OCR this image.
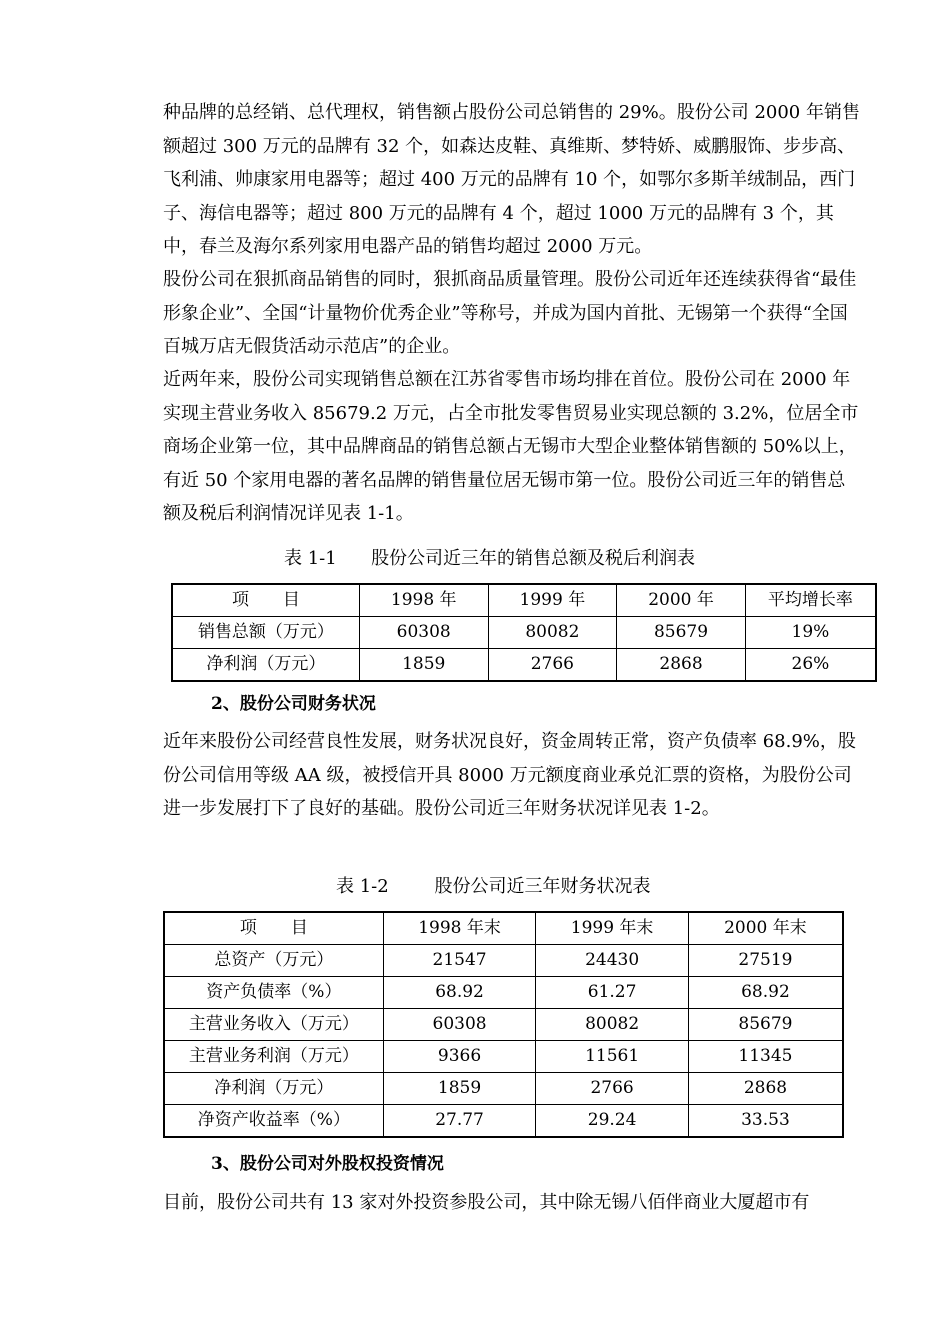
种品牌的总经销、总代理权，销售额占股份公司总销售的 29%。股份公司 2000 年销售额超过 300 万元的品牌有 32 个，如森达皮鞋、真维斯、梦特娇、威鹏服饰、步步高、飞利浦、帅康家用电器等；超过 400 万元的品牌有 10 个，如鄂尔多斯羊绒制品，西门子、海信电器等；超过 800 万元的品牌有 4 个，超过 1000 万元的品牌有 3 个，其中，春兰及海尔系列家用电器产品的销售均超过 2000 万元。

股份公司在狠抓商品销售的同时，狠抓商品质量管理。股份公司近年还连续获得省“最佳形象企业”、全国“计量物价优秀企业”等称号，并成为国内首批、无锡第一个获得“全国百城万店无假货活动示范店”的企业。

近两年来，股份公司实现销售总额在江苏省零售市场均排在首位。股份公司在 2000 年实现主营业务收入 85679.2 万元，占全市批发零售贸易业实现总额的 3.2%，位居全市商场企业第一位，其中品牌商品的销售总额占无锡市大型企业整体销售额的 50%以上，有近 50 个家用电器的著名品牌的销售量位居无锡市第一位。股份公司近三年的销售总额及税后利润情况详见表 1-1。

表 1-1 股份公司近三年的销售总额及税后利润表
项　　目	1998 年	1999 年	2000 年	平均增长率
销售总额（万元）	60308	80082	85679	19%
净利润（万元）	1859	2766	2868	26%
2、股份公司财务状况

近年来股份公司经营良性发展，财务状况良好，资金周转正常，资产负债率 68.9%，股份公司信用等级 AA 级，被授信开具 8000 万元额度商业承兑汇票的资格，为股份公司进一步发展打下了良好的基础。股份公司近三年财务状况详见表 1-2。

表 1-2	股份公司近三年财务状况表
项　　目	1998 年末	1999 年末	2000 年末
总资产（万元）	21547	24430	27519
资产负债率（%）	68.92	61.27	68.92
主营业务收入（万元）	60308	80082	85679
主营业务利润（万元）	9366	11561	11345
净利润（万元）	1859	2766	2868
净资产收益率（%）	27.77	29.24	33.53
3、股份公司对外股权投资情况

目前，股份公司共有 13 家对外投资参股公司，其中除无锡八佰伴商业大厦超市有
